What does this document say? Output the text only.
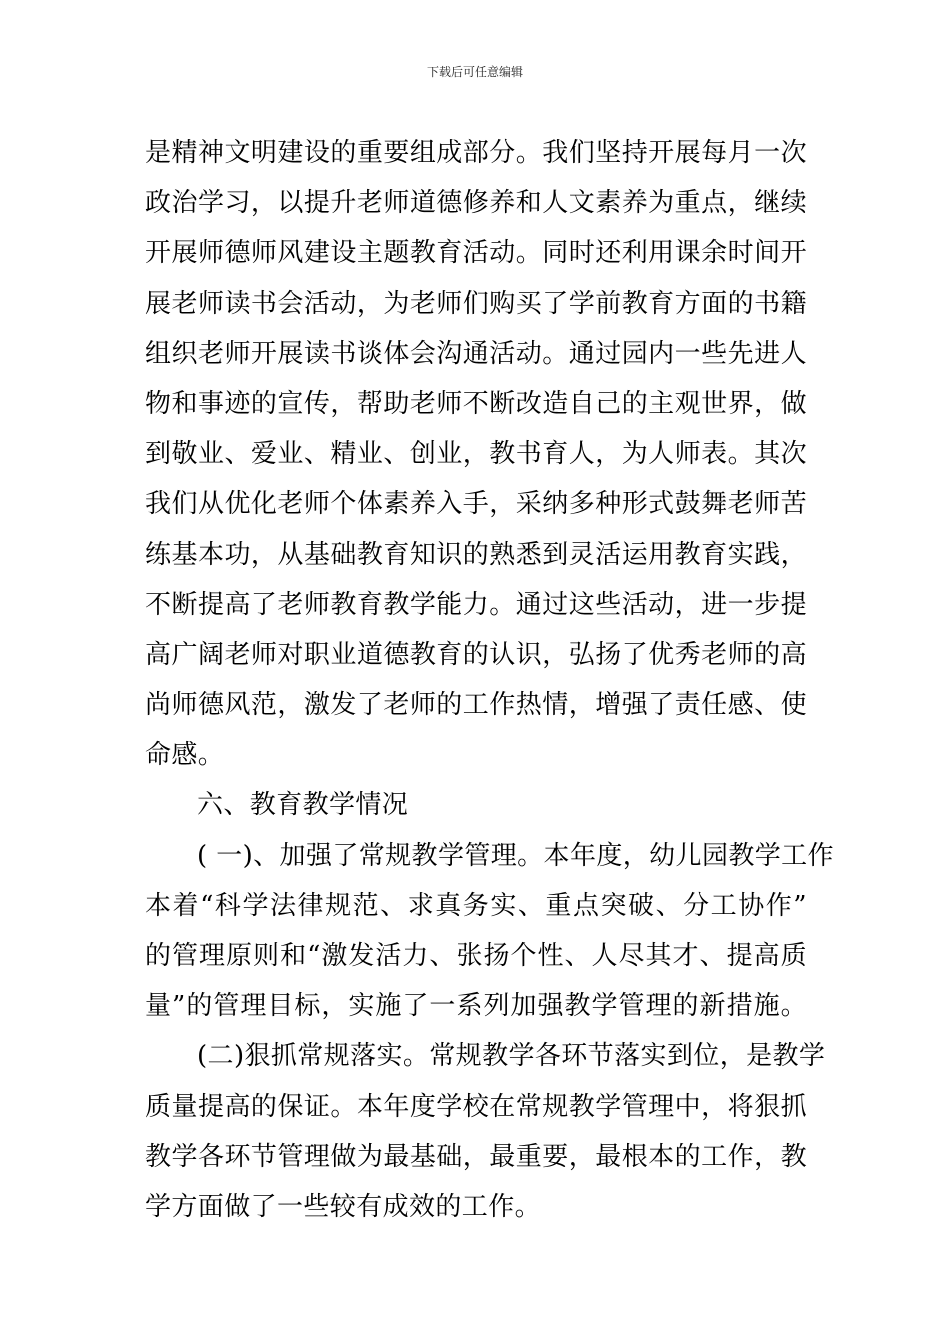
下载后可任意编辑
是精神文明建设的重要组成部分。我们坚持开展每月一次
政治学习，以提升老师道德修养和人文素养为重点，继续
开展师德师风建设主题教育活动。同时还利用课余时间开
展老师读书会活动，为老师们购买了学前教育方面的书籍
组织老师开展读书谈体会沟通活动。通过园内一些先进人
物和事迹的宣传，帮助老师不断改造自己的主观世界，做
到敬业、爱业、精业、创业，教书育人，为人师表。其次
我们从优化老师个体素养入手，采纳多种形式鼓舞老师苦
练基本功，从基础教育知识的熟悉到灵活运用教育实践，
不断提高了老师教育教学能力。通过这些活动，进一步提
高广阔老师对职业道德教育的认识，弘扬了优秀老师的高
尚师德风范，激发了老师的工作热情，增强了责任感、使
命感。
六、教育教学情况
( 一)、加强了常规教学管理。本年度，幼儿园教学工作
本着“科学法律规范、求真务实、重点突破、分工协作”
的管理原则和“激发活力、张扬个性、人尽其才、提高质
量”的管理目标，实施了一系列加强教学管理的新措施。
(二)狠抓常规落实。常规教学各环节落实到位，是教学
质量提高的保证。本年度学校在常规教学管理中，将狠抓
教学各环节管理做为最基础，最重要，最根本的工作，教
学方面做了一些较有成效的工作。
